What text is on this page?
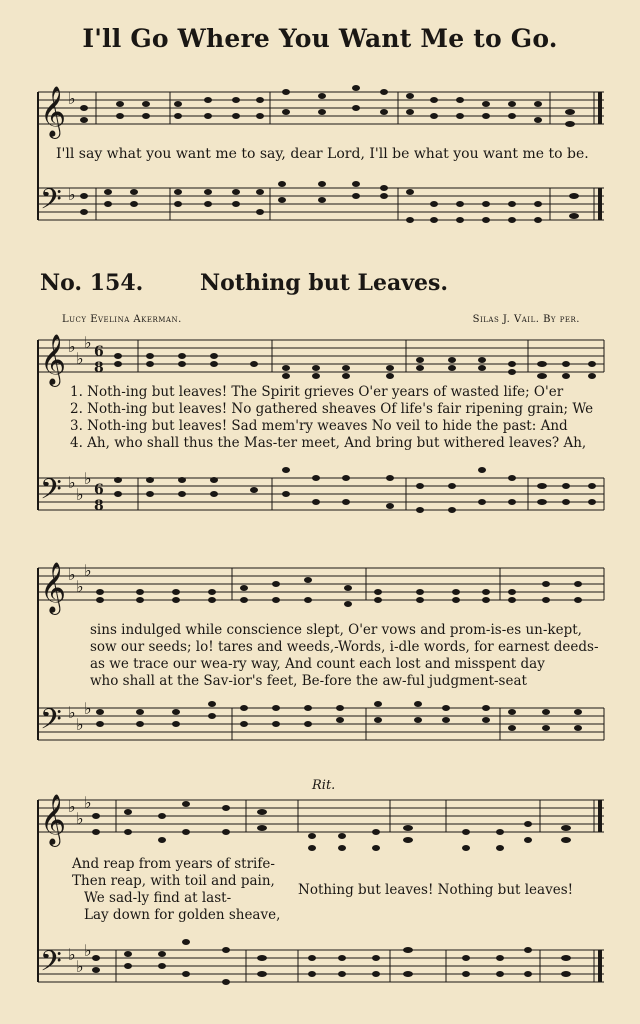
I'll Go Where You Want Me to Go.
𝄞
𝄢
𝄞
𝄢
𝄞
𝄢
𝄞
𝄢
♭
♭
♭
♭
♭
♭
♭
♭
♭
♭
♭
♭
♭
♭
♭
♭
♭
♭
♭
♭
6
8
6
8
I'll say what you want me to say, dear Lord, I'll be what you want me to be.
No. 154.	Nothing but Leaves.
Lucy Evelina Akerman.	Silas J. Vail. By per.
1. Noth-ing but leaves! The Spirit grieves O'er years of wasted life; O'er
2. Noth-ing but leaves! No gathered sheaves Of life's fair ripening grain; We
3. Noth-ing but leaves! Sad mem'ry weaves No veil to hide the past: And
4. Ah, who shall thus the Mas-ter meet, And bring but withered leaves? Ah,
sins indulged while conscience slept, O'er vows and prom-is-es un-kept,
sow our seeds; lo! tares and weeds,-Words, i-dle words, for earnest deeds-
as we trace our wea-ry way, And count each lost and misspent day
who shall at the Sav-ior's feet, Be-fore the aw-ful judgment-seat
Rit.
And reap from years of strife-
Then reap, with toil and pain,
We sad-ly find at last-
Lay down for golden sheave,
Nothing but leaves! Nothing but leaves!
